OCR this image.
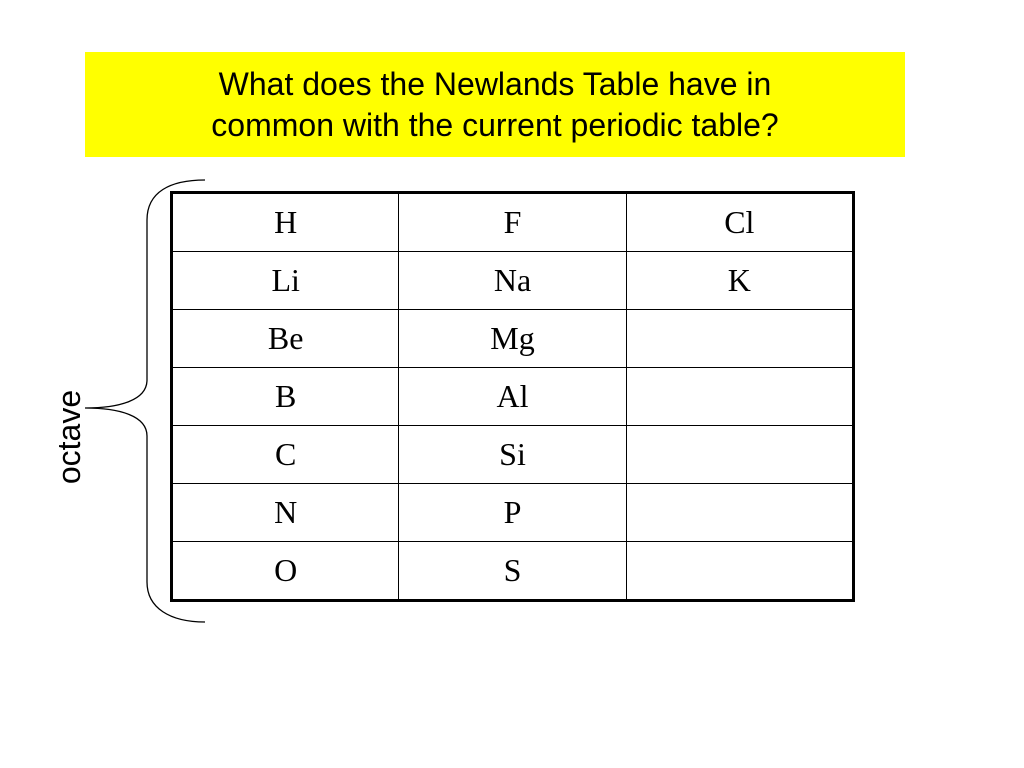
What does the Newlands Table have in
common with the current periodic table?
octave
H	F	Cl
Li	Na	K
Be	Mg	
B	Al	
C	Si	
N	P	
O	S	
